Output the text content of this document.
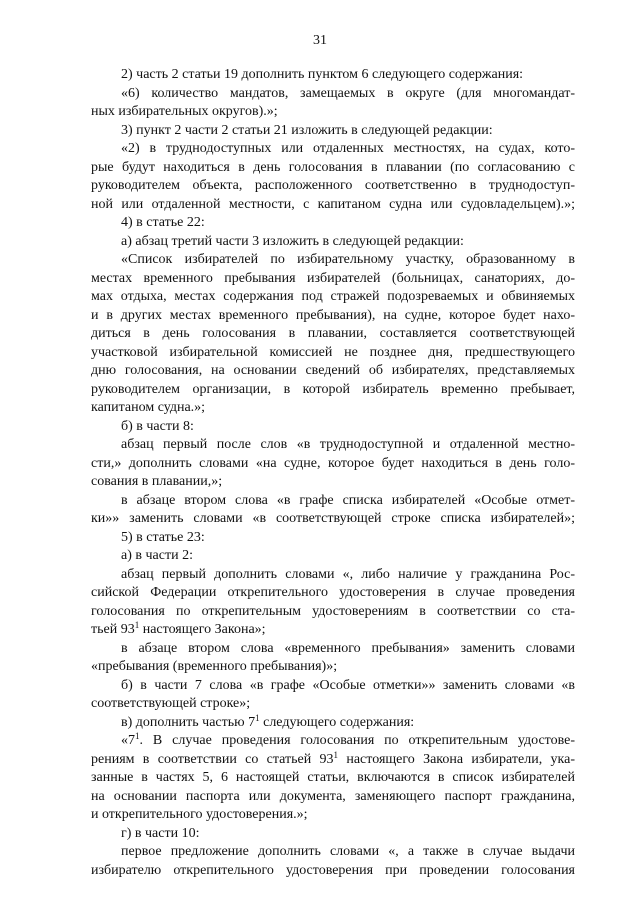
31
2) часть 2 статьи 19 дополнить пунктом 6 следующего содержания:
«6) количество мандатов, замещаемых в округе (для многомандат-
ных избирательных округов).»;
3) пункт 2 части 2 статьи 21 изложить в следующей редакции:
«2) в труднодоступных или отдаленных местностях, на судах, кото-
рые будут находиться в день голосования в плавании (по согласованию с
руководителем объекта, расположенного соответственно в труднодоступ-
ной или отдаленной местности, с капитаном судна или судовладельцем).»;
4) в статье 22:
а) абзац третий части 3 изложить в следующей редакции:
«Список избирателей по избирательному участку, образованному в
местах временного пребывания избирателей (больницах, санаториях, до-
мах отдыха, местах содержания под стражей подозреваемых и обвиняемых
и в других местах временного пребывания), на судне, которое будет нахо-
диться в день голосования в плавании, составляется соответствующей
участковой избирательной комиссией не позднее дня, предшествующего
дню голосования, на основании сведений об избирателях, представляемых
руководителем организации, в которой избиратель временно пребывает,
капитаном судна.»;
б) в части 8:
абзац первый после слов «в труднодоступной и отдаленной местно-
сти,» дополнить словами «на судне, которое будет находиться в день голо-
сования в плавании,»;
в абзаце втором слова «в графе списка избирателей «Особые отмет-
ки»» заменить словами «в соответствующей строке списка избирателей»;
5) в статье 23:
а) в части 2:
абзац первый дополнить словами «, либо наличие у гражданина Рос-
сийской Федерации открепительного удостоверения в случае проведения
голосования по открепительным удостоверениям в соответствии со ста-
тьей $93^1$ настоящего Закона»;
в абзаце втором слова «временного пребывания» заменить словами
«пребывания (временного пребывания)»;
б) в части 7 слова «в графе «Особые отметки»» заменить словами «в
соответствующей строке»;
в) дополнить частью $7^1$ следующего содержания:
«$7^1$. В случае проведения голосования по открепительным удостове-
рениям в соответствии со статьей $93^1$ настоящего Закона избиратели, ука-
занные в частях 5, 6 настоящей статьи, включаются в список избирателей
на основании паспорта или документа, заменяющего паспорт гражданина,
и открепительного удостоверения.»;
г) в части 10:
первое предложение дополнить словами «, а также в случае выдачи
избирателю открепительного удостоверения при проведении голосования
